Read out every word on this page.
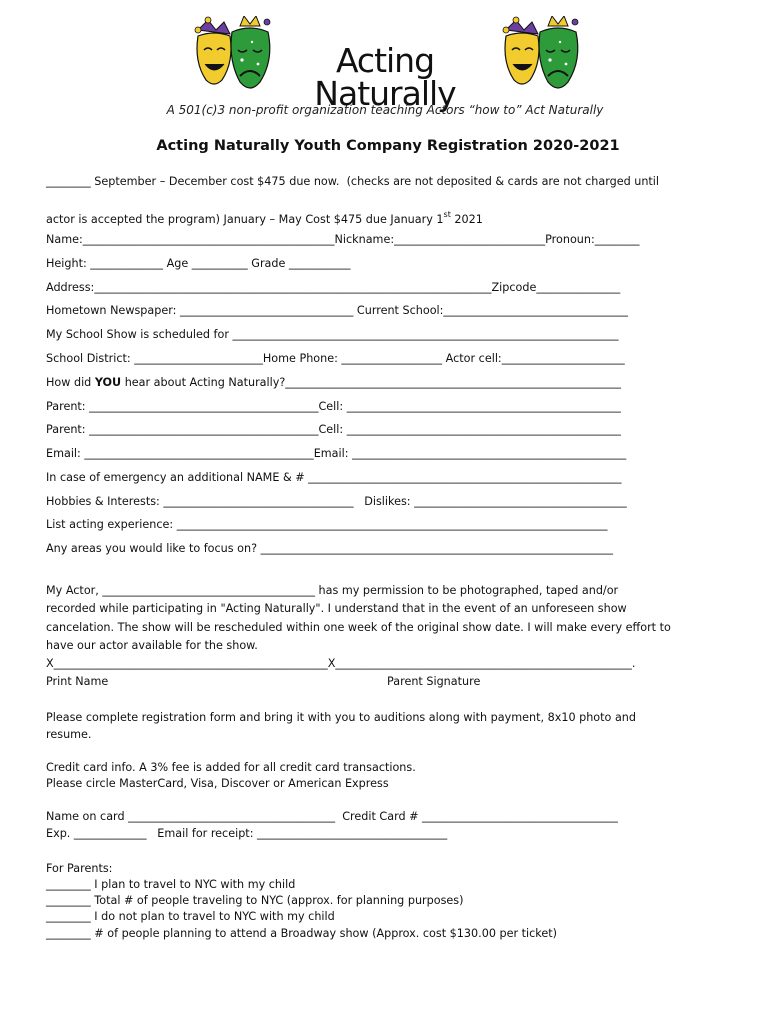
Acting Naturally
A 501(c)3 non-profit organization teaching Actors “how to” Act Naturally
Acting Naturally Youth Company Registration 2020-2021
________ September – December cost $475 due now.  (checks are not deposited & cards are not charged until
actor is accepted the program) January – May Cost $475 due January 1st 2021
Name:_____________________________________________Nickname:___________________________Pronoun:________
Height: _____________ Age __________ Grade ___________
Address:_______________________________________________________________________Zipcode_______________
Hometown Newspaper: _______________________________ Current School:_________________________________
My School Show is scheduled for _____________________________________________________________________
School District: _______________________Home Phone: __________________ Actor cell:______________________
How did YOU hear about Acting Naturally?____________________________________________________________
Parent: _________________________________________Cell: _________________________________________________
Parent: _________________________________________Cell: _________________________________________________
Email: _________________________________________Email: _________________________________________________
In case of emergency an additional NAME & # ________________________________________________________
Hobbies & Interests: __________________________________   Dislikes: ______________________________________
List acting experience: _____________________________________________________________________________
Any areas you would like to focus on? _______________________________________________________________
My Actor, ______________________________________ has my permission to be photographed, taped and/or
recorded while participating in "Acting Naturally". I understand that in the event of an unforeseen show
cancelation. The show will be rescheduled within one week of the original show date. I will make every effort to
have our actor available for the show.
X_________________________________________________X_____________________________________________________.
Print Name	Parent Signature
Please complete registration form and bring it with you to auditions along with payment, 8x10 photo and
resume.
Credit card info. A 3% fee is added for all credit card transactions.
Please circle MasterCard, Visa, Discover or American Express
Name on card _____________________________________  Credit Card # ___________________________________
Exp. _____________   Email for receipt: __________________________________
For Parents:
________ I plan to travel to NYC with my child
________ Total # of people traveling to NYC (approx. for planning purposes)
________ I do not plan to travel to NYC with my child
________ # of people planning to attend a Broadway show (Approx. cost $130.00 per ticket)
